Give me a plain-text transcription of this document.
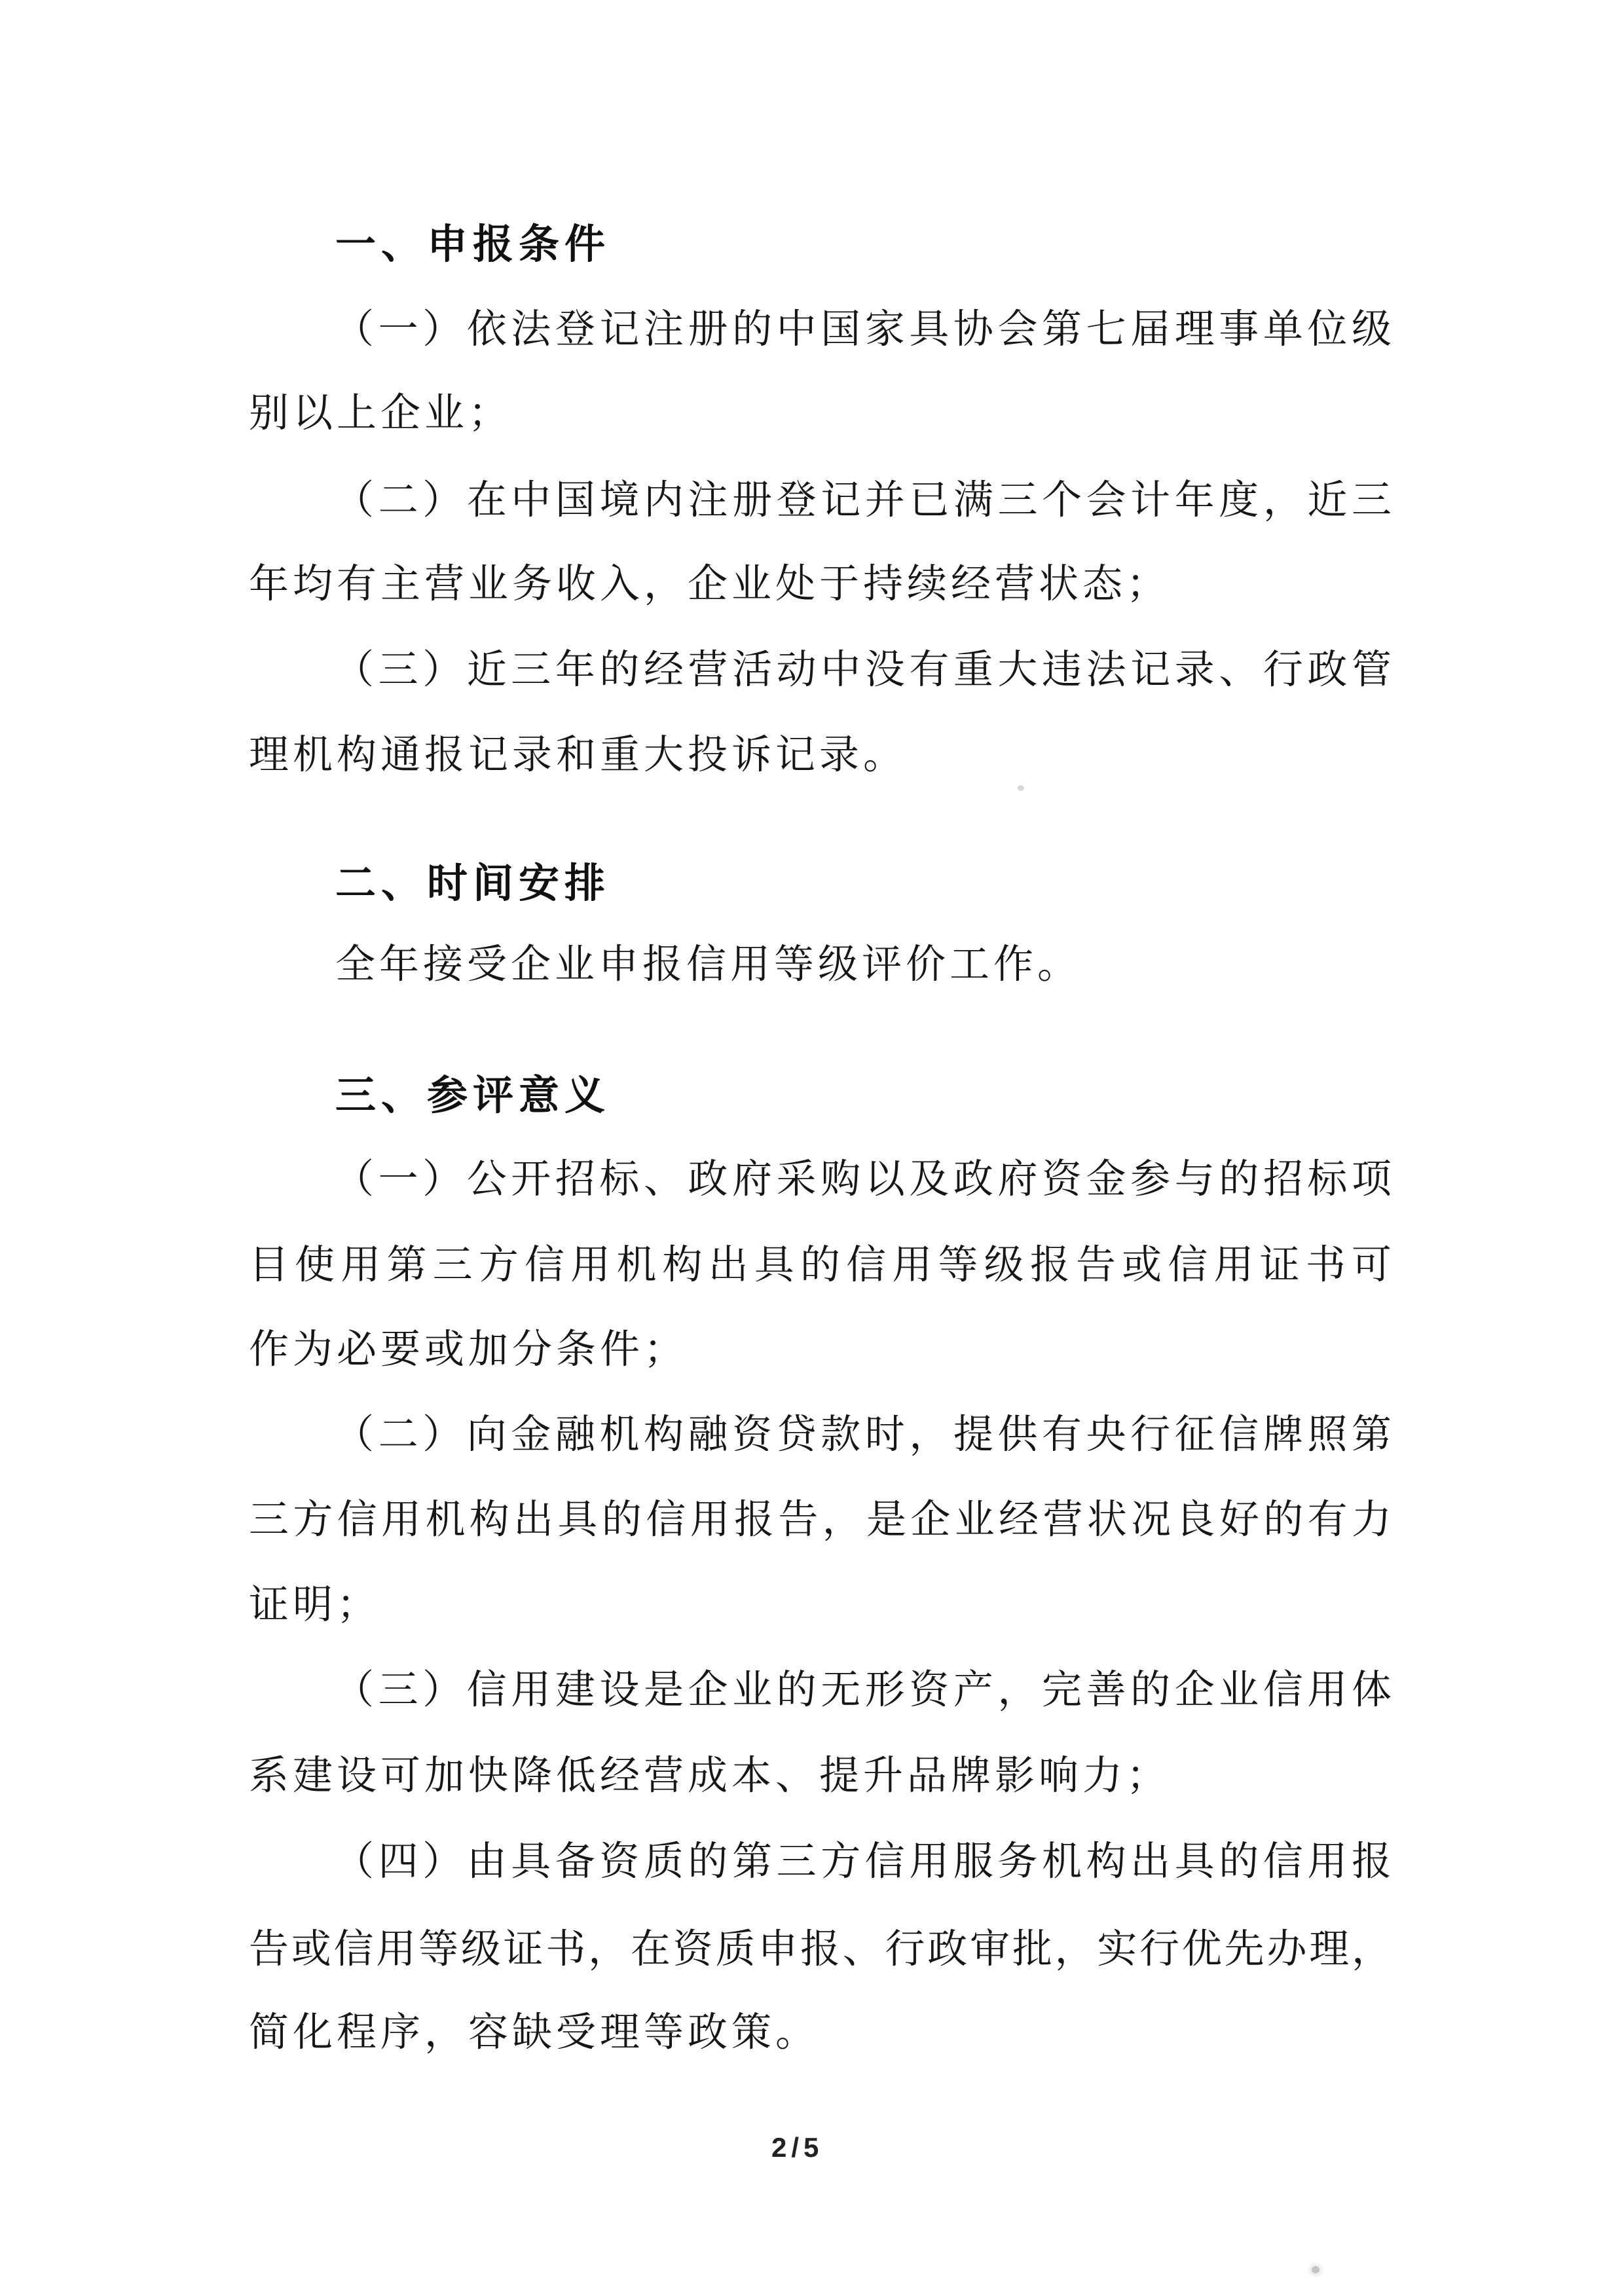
一、申报条件
（一）依法登记注册的中国家具协会第七届理事单位级
别以上企业；
（二）在中国境内注册登记并已满三个会计年度，近三
年均有主营业务收入，企业处于持续经营状态；
（三）近三年的经营活动中没有重大违法记录、行政管
理机构通报记录和重大投诉记录。
二、时间安排
全年接受企业申报信用等级评价工作。
三、参评意义
（一）公开招标、政府采购以及政府资金参与的招标项
目使用第三方信用机构出具的信用等级报告或信用证书可
作为必要或加分条件；
（二）向金融机构融资贷款时，提供有央行征信牌照第
三方信用机构出具的信用报告，是企业经营状况良好的有力
证明；
（三）信用建设是企业的无形资产，完善的企业信用体
系建设可加快降低经营成本、提升品牌影响力；
（四）由具备资质的第三方信用服务机构出具的信用报
告或信用等级证书，在资质申报、行政审批，实行优先办理，
简化程序，容缺受理等政策。
2/5
